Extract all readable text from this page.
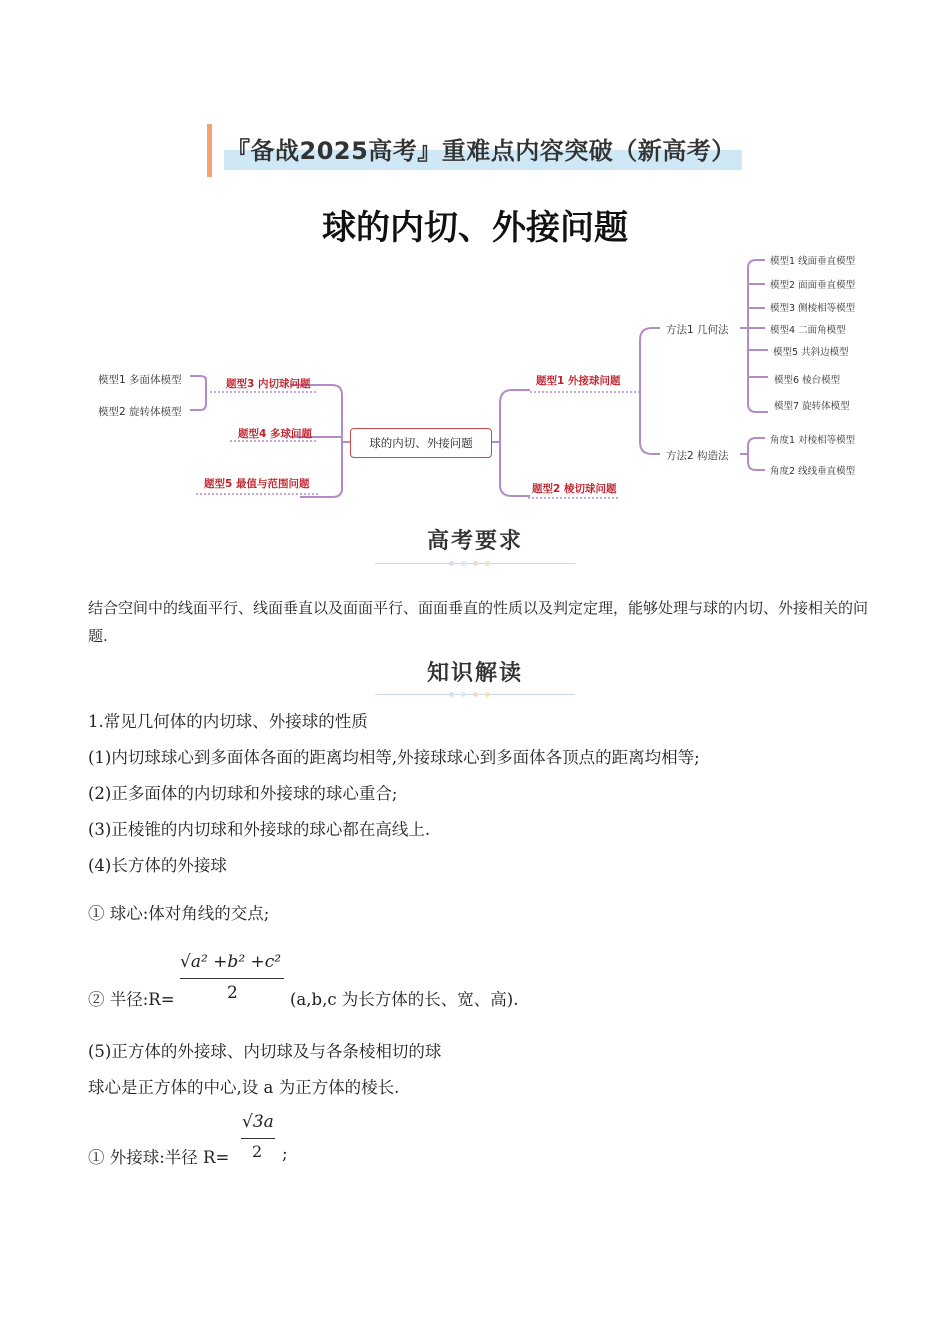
『备战2025高考』重难点内容突破（新高考）
球的内切、外接问题
球的内切、外接问题
题型3 内切球问题
模型1 多面体模型
模型2 旋转体模型
题型4 多球问题
题型5 最值与范围问题
题型1 外接球问题
题型2 棱切球问题
方法1 几何法
方法2 构造法
模型1 线面垂直模型
模型2 面面垂直模型
模型3 侧棱相等模型
模型4 二面角模型
模型5 共斜边模型
模型6 棱台模型
模型7 旋转体模型
角度1 对棱相等模型
角度2 线线垂直模型
高考要求
结合空间中的线面平行、线面垂直以及面面平行、面面垂直的性质以及判定定理，能够处理与球的内切、外接相关的问题.
知识解读
1.常见几何体的内切球、外接球的性质
(1)内切球球心到多面体各面的距离均相等,外接球球心到多面体各顶点的距离均相等;
(2)正多面体的内切球和外接球的球心重合;
(3)正棱锥的内切球和外接球的球心都在高线上.
(4)长方体的外接球
① 球心:体对角线的交点;
√a² +b² +c²
2
② 半径:R=	(a,b,c 为长方体的长、宽、高).
(5)正方体的外接球、内切球及与各条棱相切的球
球心是正方体的中心,设 a 为正方体的棱长.
√3a
2
① 外接球:半径 R=	;
